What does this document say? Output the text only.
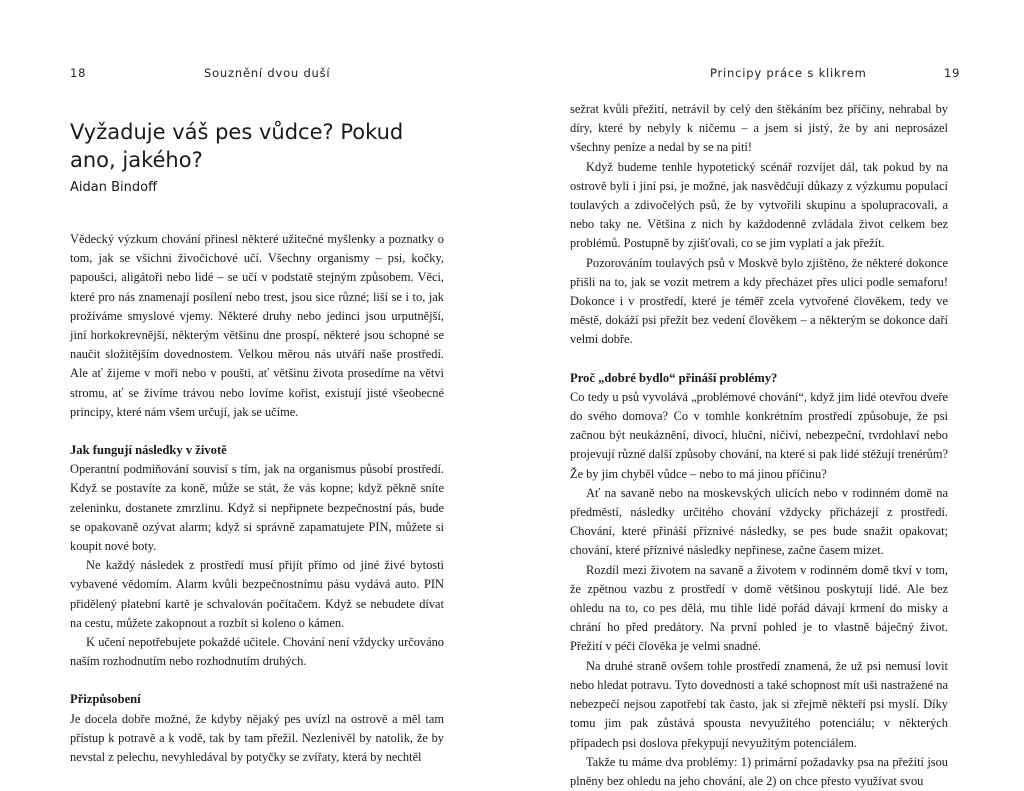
18	Souznění dvou duší
Vyžaduje váš pes vůdce? Pokud ano, jakého?

Aidan Bindoff

Vědecký výzkum chování přinesl některé užitečné myšlenky a poznatky o tom, jak se všichni živočichové učí. Všechny organismy – psi, kočky, papoušci, aligátoři nebo lidé – se učí v podstatě stejným způsobem. Věci, které pro nás znamenají posílení nebo trest, jsou sice různé; liší se i to, jak prožíváme smyslové vjemy. Některé druhy nebo jedinci jsou urputnější, jiní horkokrevnější, některým většinu dne prospí, některé jsou schopné se naučit složitějším dovednostem. Velkou měrou nás utváří naše prostředí. Ale ať žijeme v moři nebo v poušti, ať většinu života prosedíme na větvi stromu, ať se živíme trávou nebo lovíme kořist, existují jisté všeobecné principy, které nám všem určují, jak se učíme.

Jak fungují následky v životě

Operantní podmiňování souvisí s tím, jak na organismus působí prostředí. Když se postavíte za koně, může se stát, že vás kopne; když pěkně sníte zeleninku, dostanete zmrzlinu. Když si nepřipnete bezpečnostní pás, bude se opakovaně ozývat alarm; když si správně zapamatujete PIN, můžete si koupit nové boty.

Ne každý následek z prostředí musí přijít přímo od jiné živé bytosti vybavené vědomím. Alarm kvůli bezpečnostnímu pásu vydává auto. PIN přidělený platební kartě je schvalován počítačem. Když se nebudete dívat na cestu, můžete zakopnout a rozbít si koleno o kámen.

K učení nepotřebujete pokaždé učitele. Chování není vždycky určováno naším rozhodnutím nebo rozhodnutím druhých.

Přizpůsobení

Je docela dobře možné, že kdyby nějaký pes uvízl na ostrově a měl tam přístup k potravě a k vodě, tak by tam přežil. Nezlenivěl by natolik, že by nevstal z pelechu, nevyhledával by potyčky se zvířaty, která by nechtěl

Principy práce s klikrem	19

sežrat kvůli přežití, netrávil by celý den štěkáním bez příčiny, nehrabal by díry, které by nebyly k ničemu – a jsem si jistý, že by ani neprosázel všechny peníze a nedal by se na pití!

Když budeme tenhle hypotetický scénář rozvíjet dál, tak pokud by na ostrově byli i jiní psi, je možné, jak nasvědčují důkazy z výzkumu populací toulavých a zdivočelých psů, že by vytvořili skupinu a spolupracovali, a nebo taky ne. Většina z nich by každodenně zvládala život celkem bez problémů. Postupně by zjišťovali, co se jim vyplatí a jak přežít.

Pozorováním toulavých psů v Moskvě bylo zjištěno, že některé dokonce přišli na to, jak se vozit metrem a kdy přecházet přes ulici podle semaforu! Dokonce i v prostředí, které je téměř zcela vytvořené člověkem, tedy ve městě, dokáží psi přežít bez vedení člověkem – a některým se dokonce daří velmi dobře.

Proč „dobré bydlo“ přináší problémy?

Co tedy u psů vyvolává „problémové chování“, když jim lidé otevřou dveře do svého domova? Co v tomhle konkrétním prostředí způsobuje, že psi začnou být neukáznění, divocí, hluční, ničiví, nebezpeční, tvrdohlaví nebo projevují různé další způsoby chování, na které si pak lidé stěžují trenérům? Že by jim chyběl vůdce – nebo to má jinou příčinu?

Ať na savaně nebo na moskevských ulicích nebo v rodinném domě na předměstí, následky určitého chování vždycky přicházejí z prostředí. Chování, které přináší příznivé následky, se pes bude snažit opakovat; chování, které příznivé následky nepřinese, začne časem mizet.

Rozdíl mezi životem na savaně a životem v rodinném domě tkví v tom, že zpětnou vazbu z prostředí v domě většinou poskytují lidé. Ale bez ohledu na to, co pes dělá, mu tihle lidé pořád dávají krmení do misky a chrání ho před predátory. Na první pohled je to vlastně báječný život. Přežití v péči člověka je velmi snadné.

Na druhé straně ovšem tohle prostředí znamená, že už psi nemusí lovit nebo hledat potravu. Tyto dovednosti a také schopnost mít uši nastražené na nebezpečí nejsou zapotřebí tak často, jak si zřejmě někteří psi myslí. Díky tomu jim pak zůstává spousta nevyužitého potenciálu; v některých případech psi doslova překypují nevyužitým potenciálem.

Takže tu máme dva problémy: 1) primární požadavky psa na přežití jsou plněny bez ohledu na jeho chování, ale 2) on chce přesto využívat svou
